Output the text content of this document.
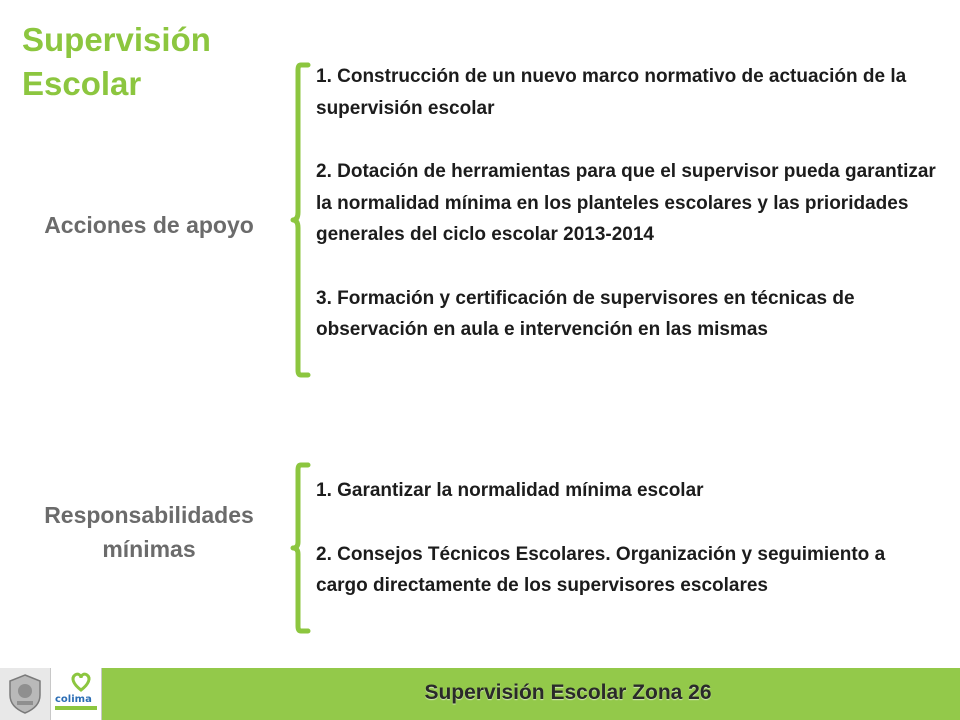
Supervisión Escolar
Acciones de apoyo

1. Construcción de un nuevo marco normativo de actuación de la supervisión escolar

2. Dotación de herramientas para que el supervisor pueda garantizar la normalidad mínima en los planteles escolares y las prioridades generales del ciclo escolar 2013-2014

3. Formación y certificación de supervisores en técnicas de observación en aula e intervención en las mismas

Responsabilidades mínimas

1. Garantizar la normalidad mínima escolar

2. Consejos Técnicos Escolares. Organización y seguimiento a cargo directamente de los supervisores escolares

Supervisión Escolar Zona 26
colima
